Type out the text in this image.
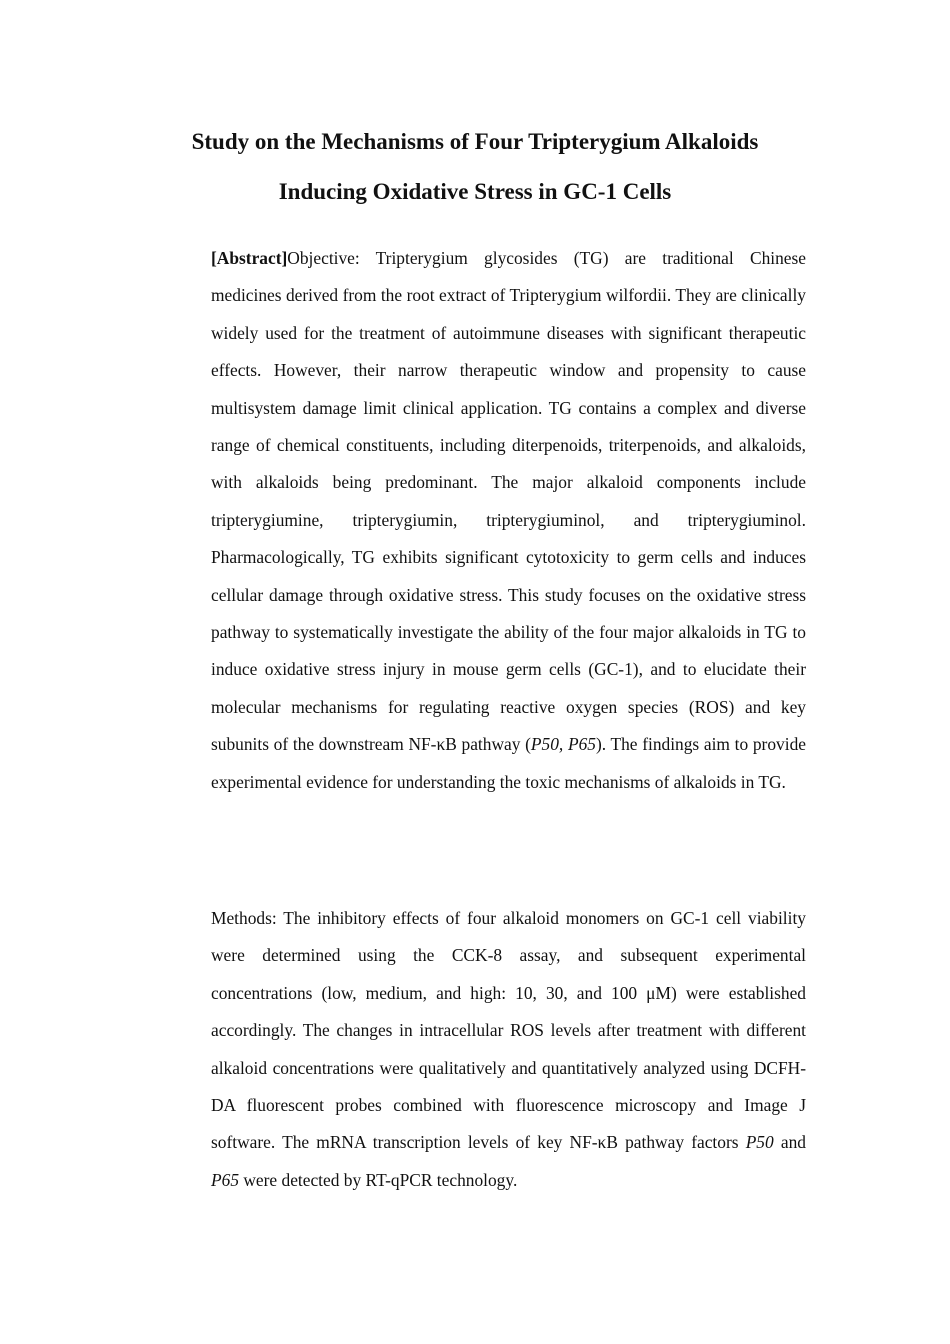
Study on the Mechanisms of Four Tripterygium Alkaloids
Inducing Oxidative Stress in GC-1 Cells

[Abstract]Objective: Tripterygium glycosides (TG) are traditional Chinese medicines derived from the root extract of Tripterygium wilfordii. They are clinically widely used for the treatment of autoimmune diseases with significant therapeutic effects. However, their narrow therapeutic window and propensity to cause multisystem damage limit clinical application. TG contains a complex and diverse range of chemical constituents, including diterpenoids, triterpenoids, and alkaloids, with alkaloids being predominant. The major alkaloid components include tripterygiumine, tripterygiumin, tripterygiuminol, and tripterygiuminol. Pharmacologically, TG exhibits significant cytotoxicity to germ cells and induces cellular damage through oxidative stress. This study focuses on the oxidative stress pathway to systematically investigate the ability of the four major alkaloids in TG to induce oxidative stress injury in mouse germ cells (GC-1), and to elucidate their molecular mechanisms for regulating reactive oxygen species (ROS) and key subunits of the downstream NF-κB pathway (P50, P65). The findings aim to provide experimental evidence for understanding the toxic mechanisms of alkaloids in TG.

Methods: The inhibitory effects of four alkaloid monomers on GC-1 cell viability were determined using the CCK-8 assay, and subsequent experimental concentrations (low, medium, and high: 10, 30, and 100 μM) were established accordingly. The changes in intracellular ROS levels after treatment with different alkaloid concentrations were qualitatively and quantitatively analyzed using DCFH-DA fluorescent probes combined with fluorescence microscopy and Image J software. The mRNA transcription levels of key NF-κB pathway factors P50 and P65 were detected by RT-qPCR technology.
